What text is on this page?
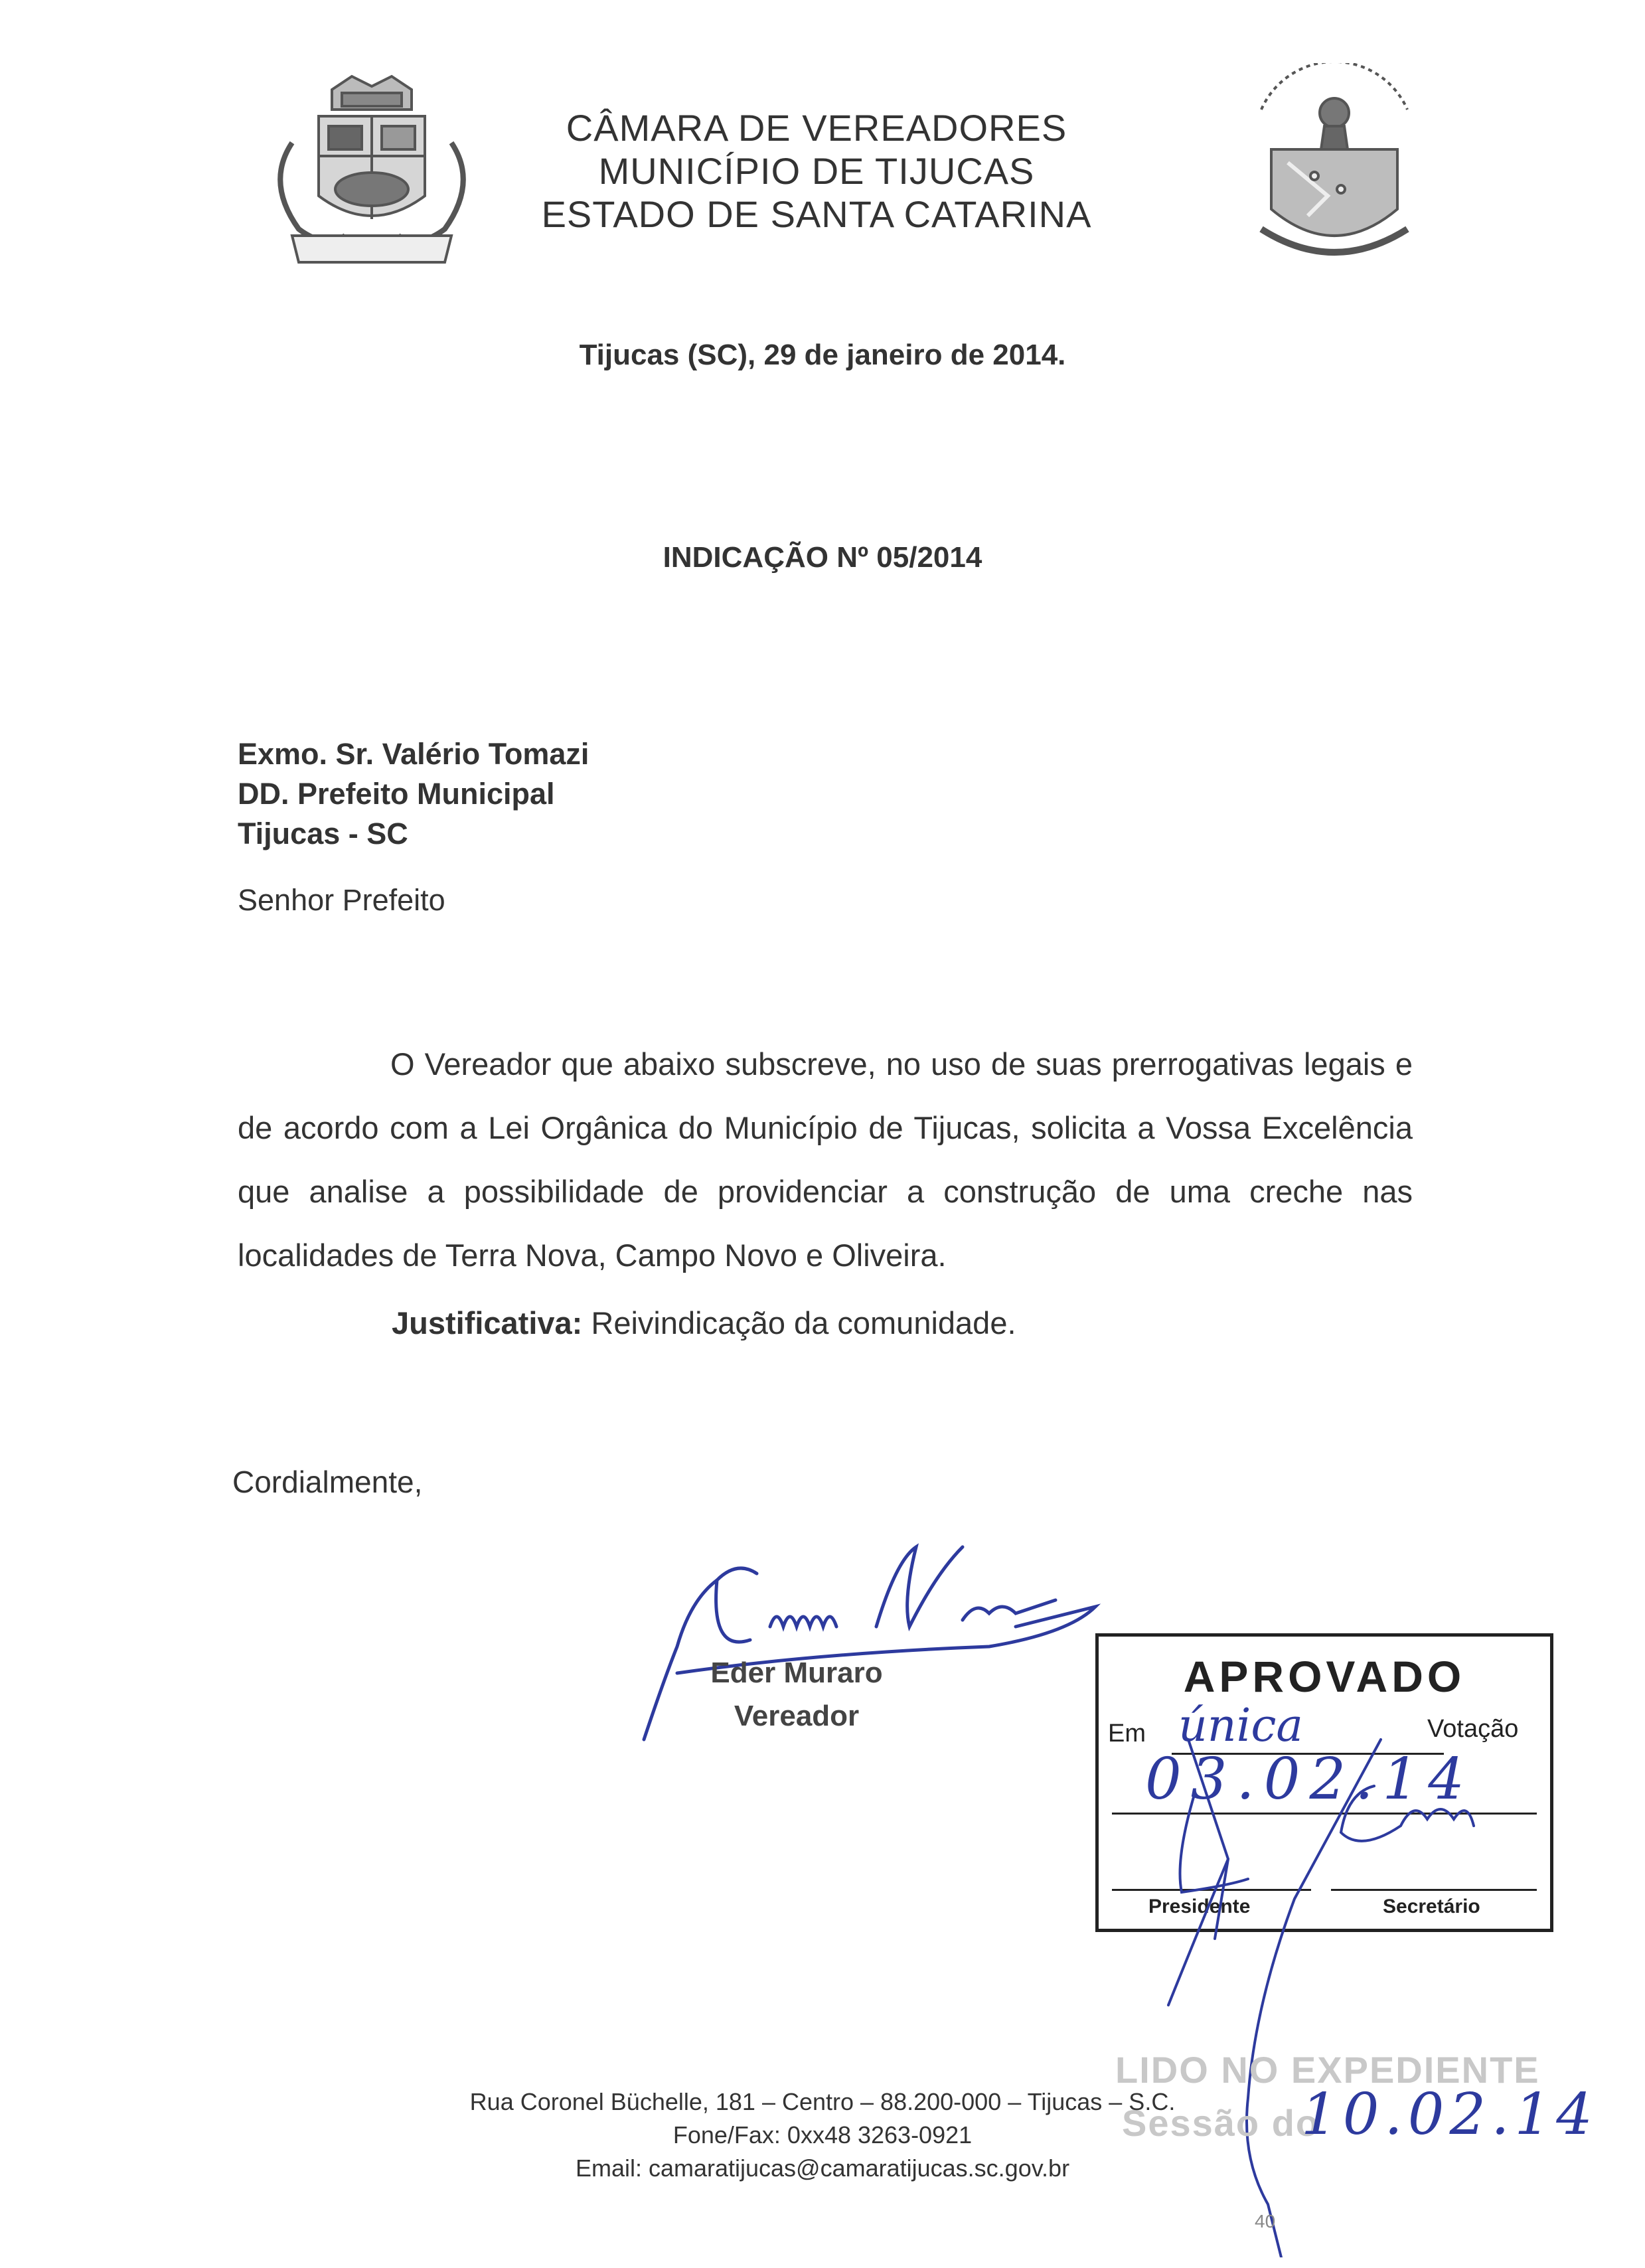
CÂMARA DE VEREADORES
MUNICÍPIO DE TIJUCAS
ESTADO DE SANTA CATARINA
Tijucas (SC), 29 de janeiro de 2014.
INDICAÇÃO Nº 05/2014
Exmo. Sr. Valério Tomazi
DD. Prefeito Municipal
Tijucas - SC
Senhor Prefeito
O Vereador que abaixo subscreve, no uso de suas prerrogativas legais e de acordo com a Lei Orgânica do Município de Tijucas, solicita a Vossa Excelência que analise a possibilidade de providenciar a construção de uma creche nas localidades de Terra Nova, Campo Novo e Oliveira.
Justificativa: Reivindicação da comunidade.
Cordialmente,
Eder Muraro
Vereador
APROVADO
Em única	Votação
03.02.14
Presidente	Secretário
LIDO NO EXPEDIENTE
Sessão do
10.02.14
40
Rua Coronel Büchelle, 181 – Centro – 88.200-000 – Tijucas – S.C.
Fone/Fax: 0xx48 3263-0921
Email: camaratijucas@camaratijucas.sc.gov.br
